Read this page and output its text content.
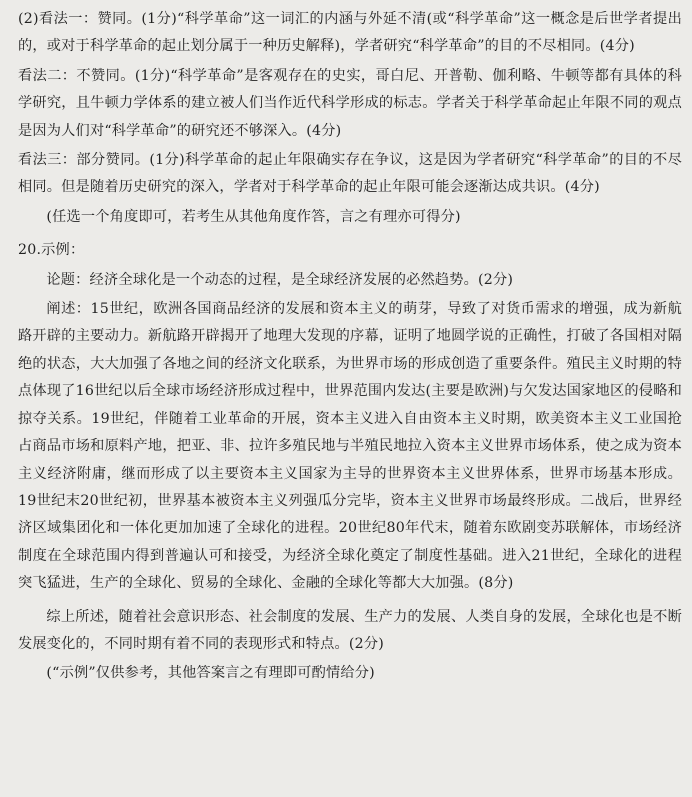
(2)看法一：赞同。(1分)“科学革命”这一词汇的内涵与外延不清(或“科学革命”这一概念是后世学者提出的，或对于科学革命的起止划分属于一种历史解释)，学者研究“科学革命”的目的不尽相同。(4分)

看法二：不赞同。(1分)“科学革命”是客观存在的史实，哥白尼、开普勒、伽利略、牛顿等都有具体的科学研究，且牛顿力学体系的建立被人们当作近代科学形成的标志。学者关于科学革命起止年限不同的观点是因为人们对“科学革命”的研究还不够深入。(4分)

看法三：部分赞同。(1分)科学革命的起止年限确实存在争议，这是因为学者研究“科学革命”的目的不尽相同。但是随着历史研究的深入，学者对于科学革命的起止年限可能会逐渐达成共识。(4分)

(任选一个角度即可，若考生从其他角度作答，言之有理亦可得分)

20.示例：

论题：经济全球化是一个动态的过程，是全球经济发展的必然趋势。(2分)

阐述：15世纪，欧洲各国商品经济的发展和资本主义的萌芽，导致了对货币需求的增强，成为新航路开辟的主要动力。新航路开辟揭开了地理大发现的序幕，证明了地圆学说的正确性，打破了各国相对隔绝的状态，大大加强了各地之间的经济文化联系，为世界市场的形成创造了重要条件。殖民主义时期的特点体现了16世纪以后全球市场经济形成过程中，世界范围内发达(主要是欧洲)与欠发达国家地区的侵略和掠夺关系。19世纪，伴随着工业革命的开展，资本主义进入自由资本主义时期，欧美资本主义工业国抢占商品市场和原料产地，把亚、非、拉许多殖民地与半殖民地拉入资本主义世界市场体系，使之成为资本主义经济附庸，继而形成了以主要资本主义国家为主导的世界资本主义世界体系，世界市场基本形成。19世纪末20世纪初，世界基本被资本主义列强瓜分完毕，资本主义世界市场最终形成。二战后，世界经济区域集团化和一体化更加加速了全球化的进程。20世纪80年代末，随着东欧剧变苏联解体，市场经济制度在全球范围内得到普遍认可和接受，为经济全球化奠定了制度性基础。进入21世纪，全球化的进程突飞猛进，生产的全球化、贸易的全球化、金融的全球化等都大大加强。(8分)

综上所述，随着社会意识形态、社会制度的发展、生产力的发展、人类自身的发展，全球化也是不断发展变化的，不同时期有着不同的表现形式和特点。(2分)

(“示例”仅供参考，其他答案言之有理即可酌情给分)
